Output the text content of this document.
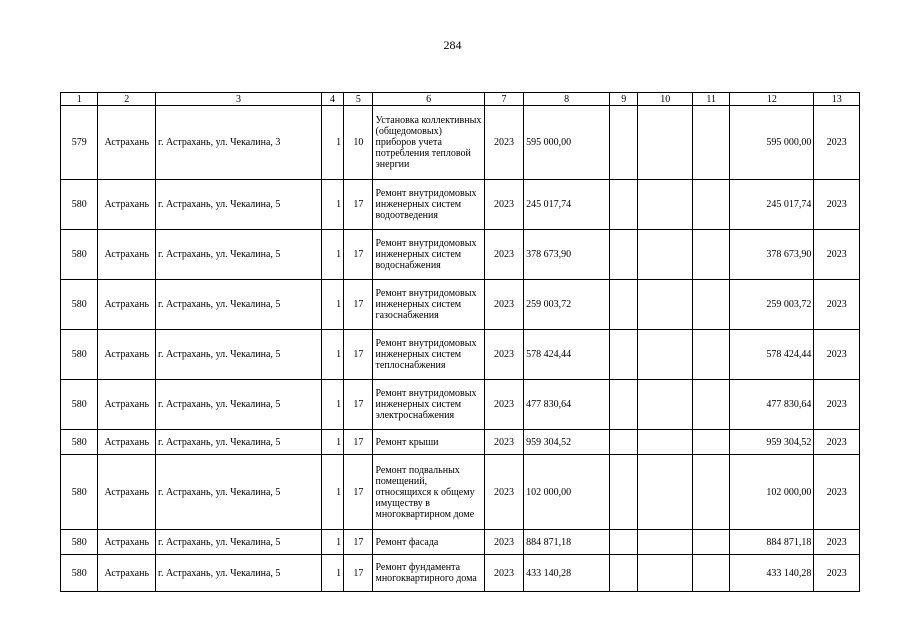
284
1	2	3	4	5	6	7	8	9	10	11	12	13
579	Астрахань	г. Астрахань, ул. Чекалина, 3	1	10	Установка коллективных (общедомовых) приборов учета потребления тепловой энергии	2023	595 000,00				595 000,00	2023
580	Астрахань	г. Астрахань, ул. Чекалина, 5	1	17	Ремонт внутридомовых инженерных систем водоотведения	2023	245 017,74				245 017,74	2023
580	Астрахань	г. Астрахань, ул. Чекалина, 5	1	17	Ремонт внутридомовых инженерных систем водоснабжения	2023	378 673,90				378 673,90	2023
580	Астрахань	г. Астрахань, ул. Чекалина, 5	1	17	Ремонт внутридомовых инженерных систем газоснабжения	2023	259 003,72				259 003,72	2023
580	Астрахань	г. Астрахань, ул. Чекалина, 5	1	17	Ремонт внутридомовых инженерных систем теплоснабжения	2023	578 424,44				578 424,44	2023
580	Астрахань	г. Астрахань, ул. Чекалина, 5	1	17	Ремонт внутридомовых инженерных систем электроснабжения	2023	477 830,64				477 830,64	2023
580	Астрахань	г. Астрахань, ул. Чекалина, 5	1	17	Ремонт крыши	2023	959 304,52				959 304,52	2023
580	Астрахань	г. Астрахань, ул. Чекалина, 5	1	17	Ремонт подвальных помещений, относящихся к общему имуществу в многоквартирном доме	2023	102 000,00				102 000,00	2023
580	Астрахань	г. Астрахань, ул. Чекалина, 5	1	17	Ремонт фасада	2023	884 871,18				884 871,18	2023
580	Астрахань	г. Астрахань, ул. Чекалина, 5	1	17	Ремонт фундамента многоквартирного дома	2023	433 140,28				433 140,28	2023
